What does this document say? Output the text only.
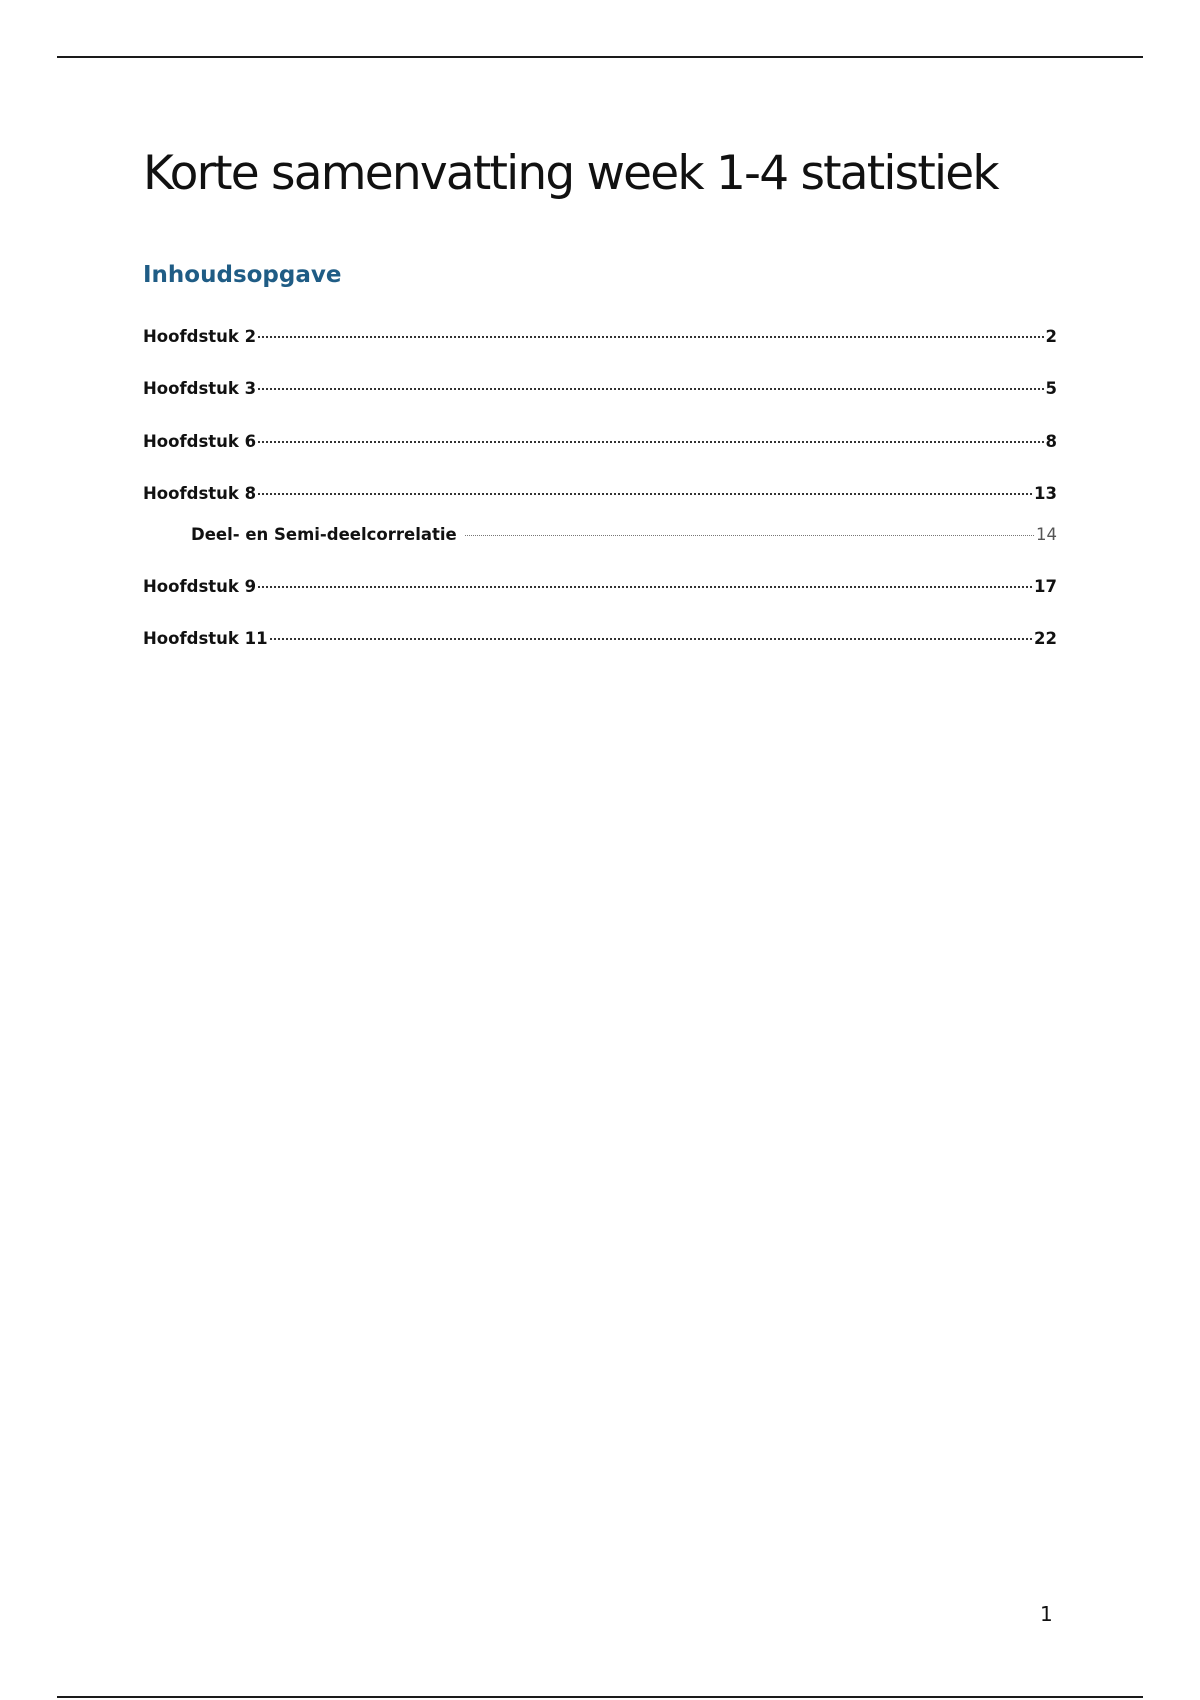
Korte samenvatting week 1-4 statistiek
Inhoudsopgave
Hoofdstuk 2	2
Hoofdstuk 3	5
Hoofdstuk 6	8
Hoofdstuk 8	13
Deel- en Semi-deelcorrelatie	14
Hoofdstuk 9	17
Hoofdstuk 11	22
1
